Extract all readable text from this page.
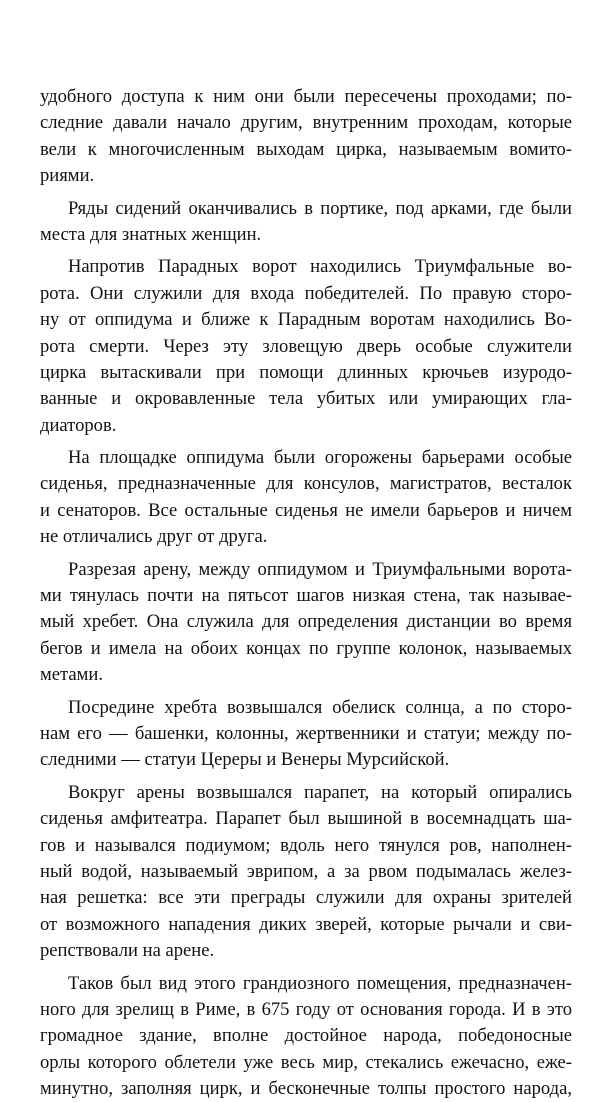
удобного доступа к ним они были пересечены проходами; по-
следние давали начало другим, внутренним проходам, которые
вели к многочисленным выходам цирка, называемым вомито-
риями.
Ряды сидений оканчивались в портике, под арками, где были
места для знатных женщин.
Напротив Парадных ворот находились Триумфальные во-
рота. Они служили для входа победителей. По правую сторо-
ну от оппидума и ближе к Парадным воротам находились Во-
рота смерти. Через эту зловещую дверь особые служители
цирка вытаскивали при помощи длинных крючьев изуродо-
ванные и окровавленные тела убитых или умирающих гла-
диаторов.
На площадке оппидума были огорожены барьерами особые
сиденья, предназначенные для консулов, магистратов, весталок
и сенаторов. Все остальные сиденья не имели барьеров и ничем
не отличались друг от друга.
Разрезая арену, между оппидумом и Триумфальными ворота-
ми тянулась почти на пятьсот шагов низкая стена, так называе-
мый хребет. Она служила для определения дистанции во время
бегов и имела на обоих концах по группе колонок, называемых
метами.
Посредине хребта возвышался обелиск солнца, а по сторо-
нам его — башенки, колонны, жертвенники и статуи; между по-
следними — статуи Цереры и Венеры Мурсийской.
Вокруг арены возвышался парапет, на который опирались
сиденья амфитеатра. Парапет был вышиной в восемнадцать ша-
гов и назывался подиумом; вдоль него тянулся ров, наполнен-
ный водой, называемый эврипом, а за рвом подымалась желез-
ная решетка: все эти преграды служили для охраны зрителей
от возможного нападения диких зверей, которые рычали и сви-
репствовали на арене.
Таков был вид этого грандиозного помещения, предназначен-
ного для зрелищ в Риме, в 675 году от основания города. И в это
громадное здание, вполне достойное народа, победоносные
орлы которого облетели уже весь мир, стекались ежечасно, еже-
минутно, заполняя цирк, и бесконечные толпы простого народа,
